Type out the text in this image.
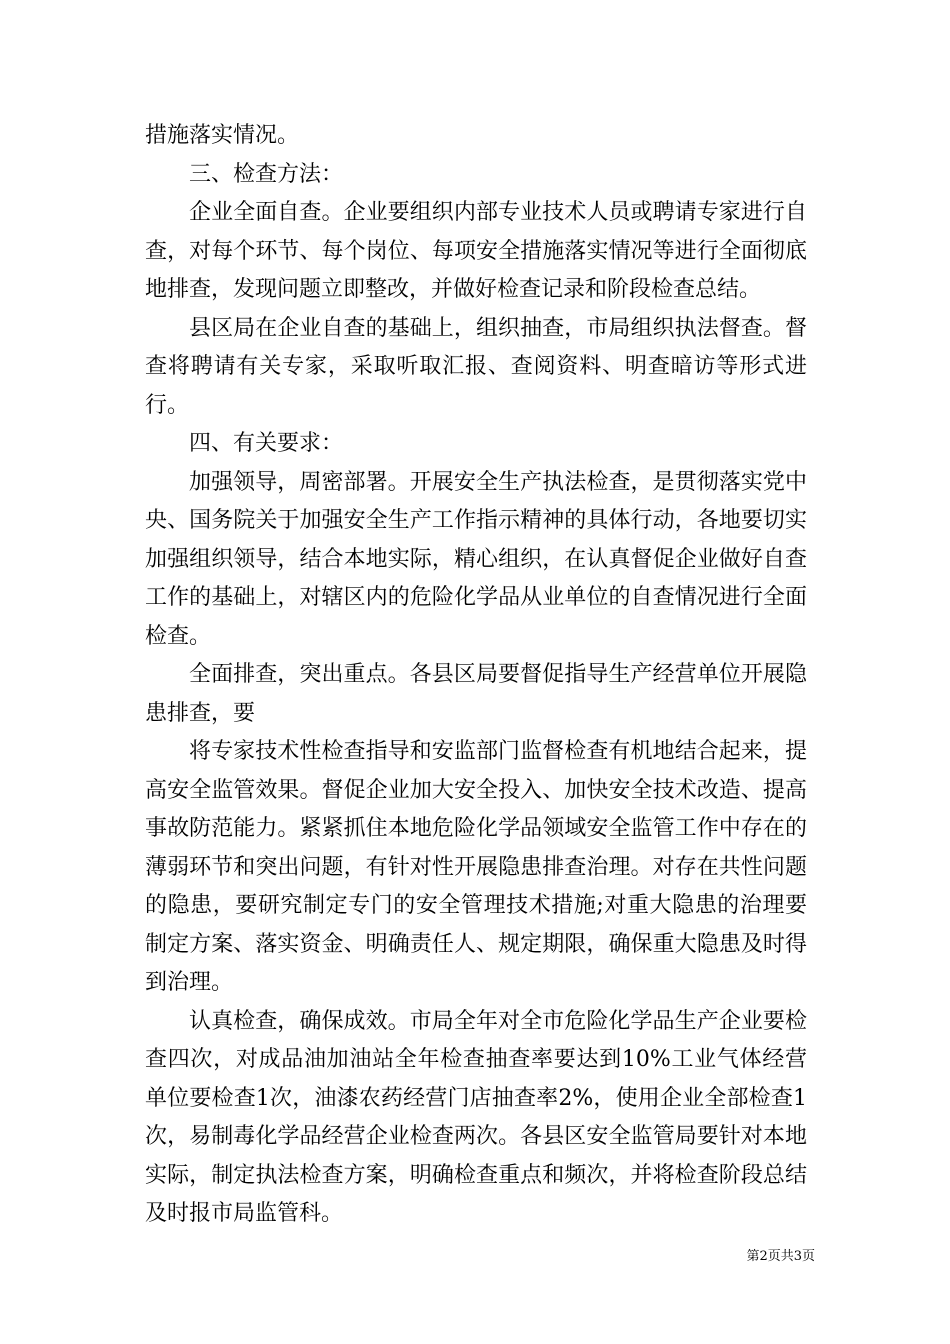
措施落实情况。

三、检查方法：

企业全面自查。企业要组织内部专业技术人员或聘请专家进行自查，对每个环节、每个岗位、每项安全措施落实情况等进行全面彻底地排查，发现问题立即整改，并做好检查记录和阶段检查总结。

县区局在企业自查的基础上，组织抽查，市局组织执法督查。督查将聘请有关专家，采取听取汇报、查阅资料、明查暗访等形式进行。

四、有关要求：

加强领导，周密部署。开展安全生产执法检查，是贯彻落实党中央、国务院关于加强安全生产工作指示精神的具体行动，各地要切实加强组织领导，结合本地实际，精心组织，在认真督促企业做好自查工作的基础上，对辖区内的危险化学品从业单位的自查情况进行全面检查。

全面排查，突出重点。各县区局要督促指导生产经营单位开展隐患排查，要

将专家技术性检查指导和安监部门监督检查有机地结合起来，提高安全监管效果。督促企业加大安全投入、加快安全技术改造、提高事故防范能力。紧紧抓住本地危险化学品领域安全监管工作中存在的薄弱环节和突出问题，有针对性开展隐患排查治理。对存在共性问题的隐患，要研究制定专门的安全管理技术措施;对重大隐患的治理要制定方案、落实资金、明确责任人、规定期限，确保重大隐患及时得到治理。

认真检查，确保成效。市局全年对全市危险化学品生产企业要检查四次，对成品油加油站全年检查抽查率要达到10%工业气体经营单位要检查1次，油漆农药经营门店抽查率2%，使用企业全部检查1次，易制毒化学品经营企业检查两次。各县区安全监管局要针对本地实际，制定执法检查方案，明确检查重点和频次，并将检查阶段总结及时报市局监管科。

第2页共3页
